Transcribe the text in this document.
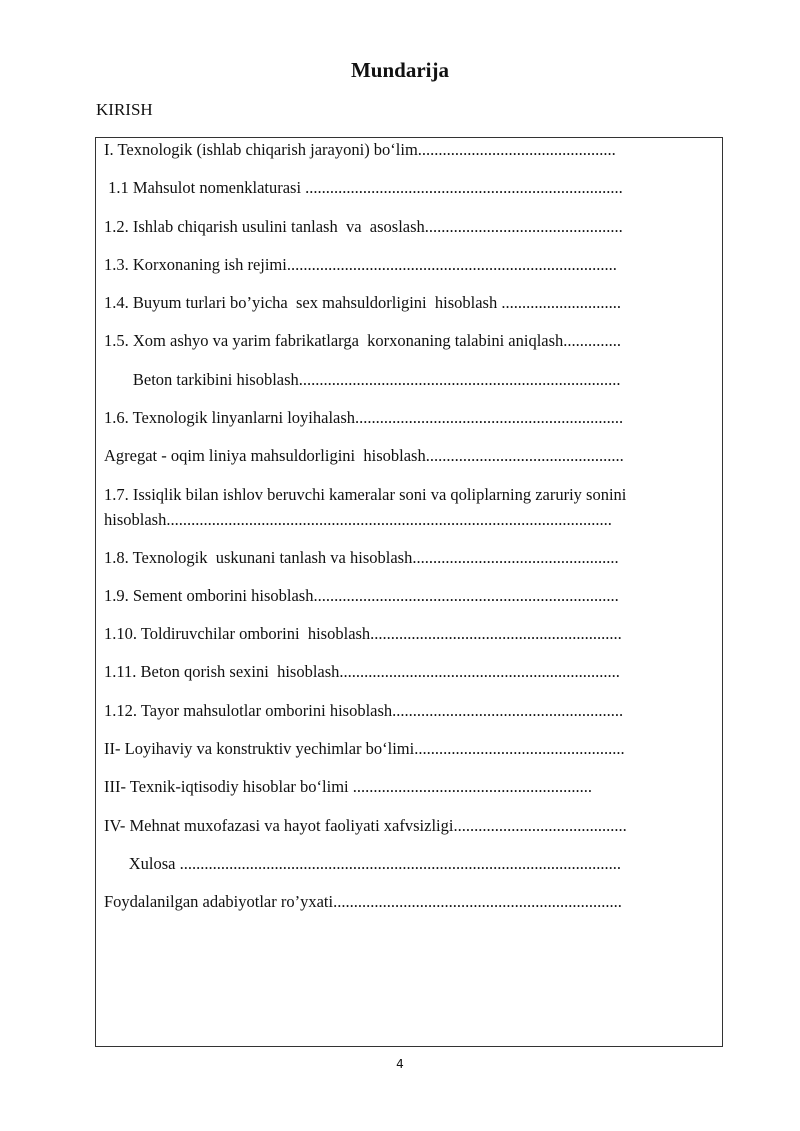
Mundarija
KIRISH
I. Texnologik (ishlab chiqarish jarayoni) bo‘lim................................................
1.1 Mahsulot nomenklaturasi .............................................................................
1.2. Ishlab chiqarish usulini tanlash  va  asoslash................................................
1.3. Korxonaning ish rejimi................................................................................
1.4. Buyum turlari bo’yicha  sex mahsuldorligini  hisoblash .............................
1.5. Xom ashyo va yarim fabrikatlarga  korxonaning talabini aniqlash..............
Beton tarkibini hisoblash..............................................................................
1.6. Texnologik linyanlarni loyihalash.................................................................
Agregat - oqim liniya mahsuldorligini  hisoblash................................................
1.7. Issiqlik bilan ishlov beruvchi kameralar soni va qoliplarning zaruriy sonini hisoblash............................................................................................................
1.8. Texnologik  uskunani tanlash va hisoblash..................................................
1.9. Sement omborini hisoblash..........................................................................
1.10. Toldiruvchilar omborini  hisoblash.............................................................
1.11. Beton qorish sexini  hisoblash....................................................................
1.12. Tayor mahsulotlar omborini hisoblash........................................................
II- Loyihaviy va konstruktiv yechimlar bo‘limi...................................................
III- Texnik-iqtisodiy hisoblar bo‘limi ..........................................................
IV- Mehnat muxofazasi va hayot faoliyati xafvsizligi..........................................
Xulosa ...........................................................................................................
Foydalanilgan adabiyotlar ro’yxati......................................................................
4
